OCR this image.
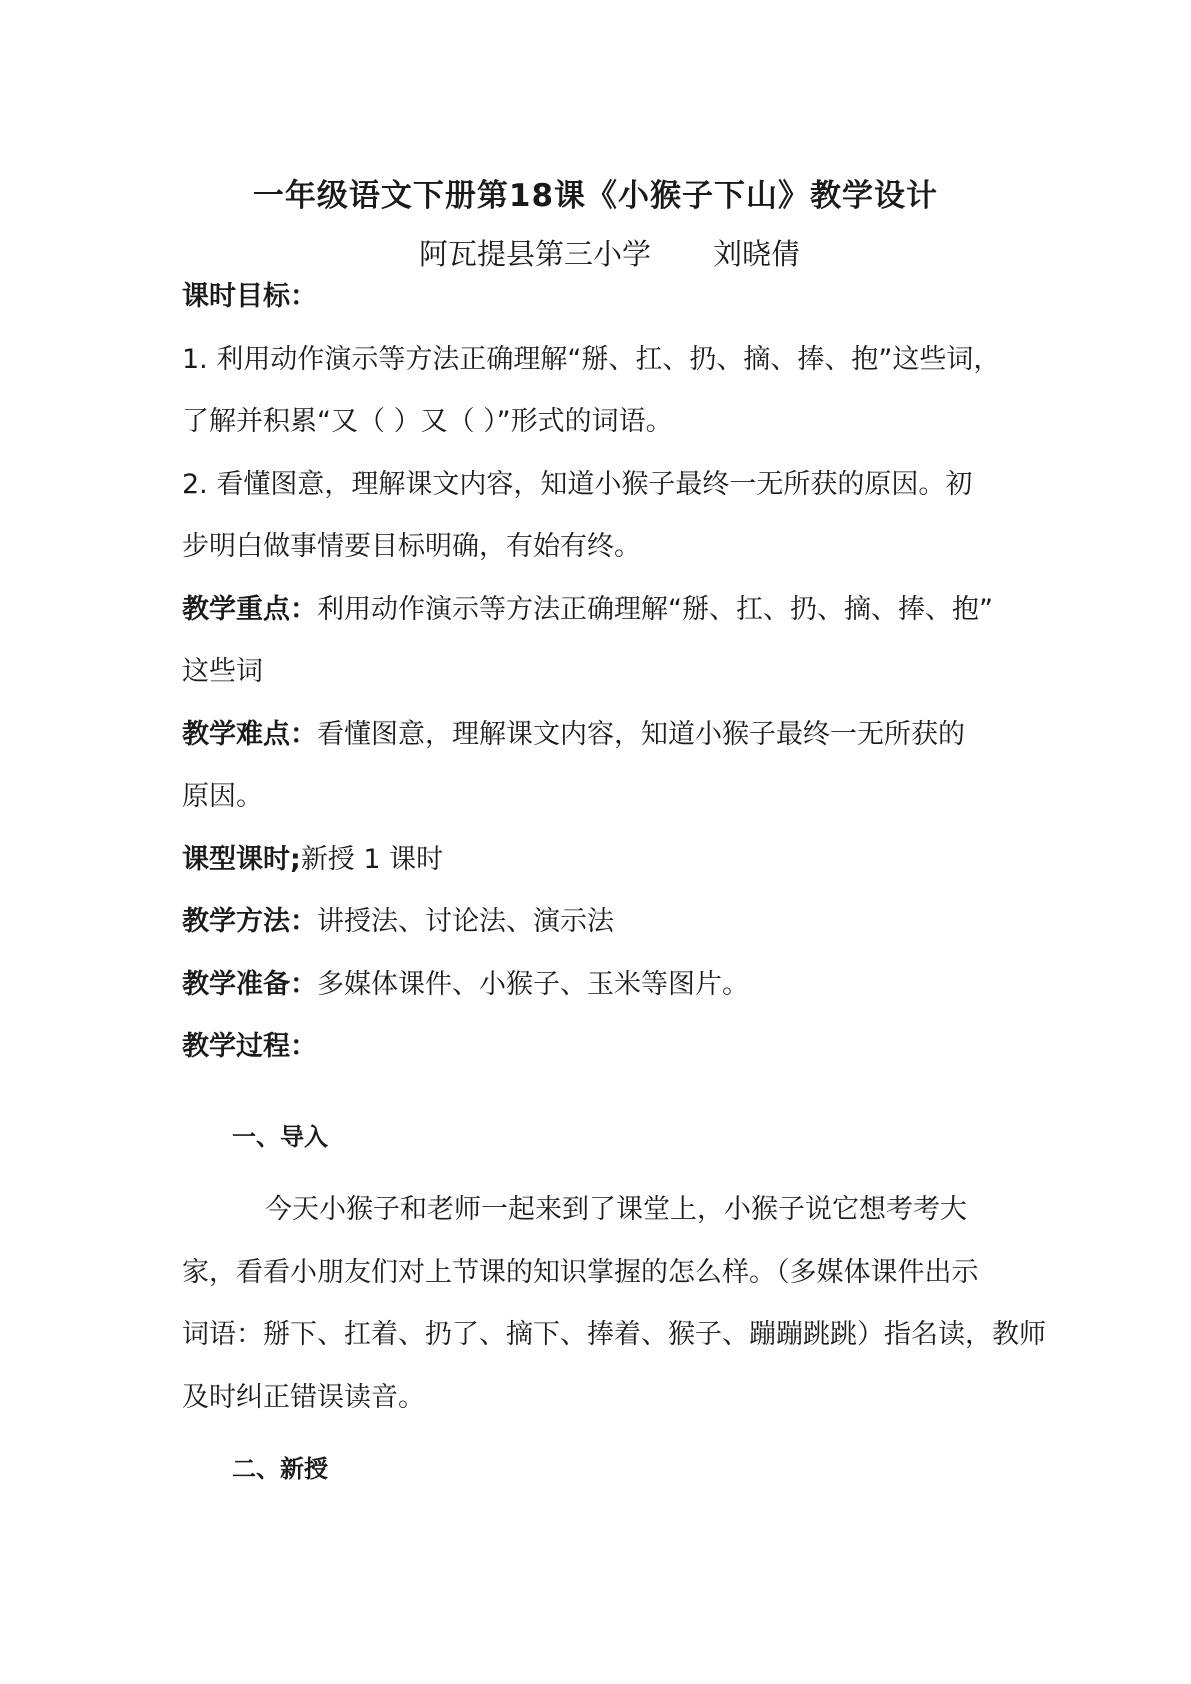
一年级语文下册第18课《小猴子下山》教学设计
阿瓦提县第三小学 刘晓倩
课时目标：
1. 利用动作演示等方法正确理解“掰、扛、扔、摘、捧、抱”这些词，
了解并积累“又（ ）又（ ）”形式的词语。
2. 看懂图意，理解课文内容，知道小猴子最终一无所获的原因。初
步明白做事情要目标明确，有始有终。
教学重点：利用动作演示等方法正确理解“掰、扛、扔、摘、捧、抱”
这些词
教学难点：看懂图意，理解课文内容，知道小猴子最终一无所获的
原因。
课型课时;新授 1 课时
教学方法：讲授法、讨论法、演示法
教学准备：多媒体课件、小猴子、玉米等图片。
教学过程：
一、导入
今天小猴子和老师一起来到了课堂上，小猴子说它想考考大
家，看看小朋友们对上节课的知识掌握的怎么样。（多媒体课件出示
词语：掰下、扛着、扔了、摘下、捧着、猴子、蹦蹦跳跳）指名读，教师
及时纠正错误读音。
二、新授
